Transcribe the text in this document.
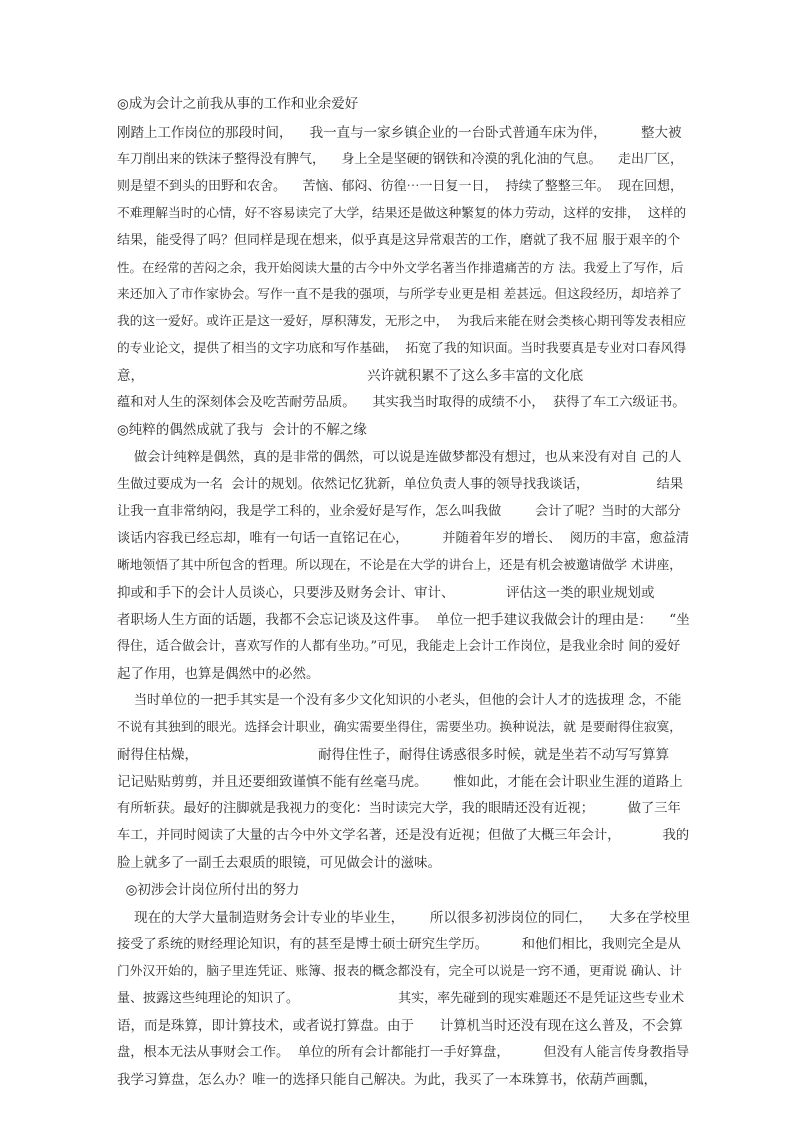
◎成为会计之前我从事的工作和业余爱好
刚踏上工作岗位的那段时间，    我一直与一家乡镇企业的一台卧式普通车床为伴，        整大被
车刀削出来的铁沫子整得没有脾气，    身上全是坚硬的钢铁和冷漠的乳化油的气息。    走出厂区，
则是望不到头的田野和农舍。    苦恼、郁闷、彷徨⋯一日复一日，  持续了整整三年。  现在回想，
不难理解当时的心情，好不容易读完了大学，结果还是做这种繁复的体力劳动，这样的安排，  这样的
结果，能受得了吗？但同样是现在想来，似乎真是这异常艰苦的工作，磨就了我不屈 服于艰辛的个
性。在经常的苦闷之余，我开始阅读大量的古今中外文学名著当作排遣痛苦的方 法。我爱上了写作，后
来还加入了市作家协会。写作一直不是我的强项，与所学专业更是相 差甚远。但这段经历，却培养了
我的这一爱好。或许正是这一爱好，厚积薄发，无形之中，  为我后来能在财会类核心期刊等发表相应
的专业论文，提供了相当的文字功底和写作基础，  拓宽了我的知识面。当时我要真是专业对口春风得
意，                                                    兴许就积累不了这么多丰富的文化底
蕴和对人生的深刻体会及吃苦耐劳品质。    其实我当时取得的成绩不小，  获得了车工六级证书。
◎纯粹的偶然成就了我与  会计的不解之缘
做会计纯粹是偶然，真的是非常的偶然，可以说是连做梦都没有想过，也从来没有对自 己的人
生做过要成为一名  会计的规划。依然记忆犹新，单位负责人事的领导找我谈话，                结果
让我一直非常纳闷，我是学工科的，业余爱好是写作，怎么叫我做        会计了呢？当时的大部分
谈话内容我已经忘却，唯有一句话一直铭记在心，        并随着年岁的增长、  阅历的丰富，愈益清
晰地领悟了其中所包含的哲理。所以现在，不论是在大学的讲台上，还是有机会被邀请做学 术讲座，
抑或和手下的会计人员谈心，只要涉及财务会计、审计、            评估这一类的职业规划或
者职场人生方面的话题，我都不会忘记谈及这件事。  单位一把手建议我做会计的理由是：    “坐
得住，适合做会计，喜欢写作的人都有坐功。”可见，我能走上会计工作岗位，是我业余时 间的爱好
起了作用，也算是偶然中的必然。
当时单位的一把手其实是一个没有多少文化知识的小老头，但他的会计人才的选拔理 念，不能
不说有其独到的眼光。选择会计职业，确实需要坐得住，需要坐功。换种说法，就 是要耐得住寂寞，
耐得住枯燥，                            耐得住性子，耐得住诱惑很多时候，就是坐若不动写写算算
记记贴贴剪剪，并且还要细致谨慎不能有丝毫马虎。      惟如此，才能在会计职业生涯的道路上
有所斩获。最好的注脚就是我视力的变化：当时读完大学，我的眼睛还没有近视；        做了三年
车工，并同时阅读了大量的古今中外文学名著，还是没有近视；但做了大概三年会计，          我的
脸上就多了一副壬去艰质的眼镜，可见做会计的滋味。
◎初涉会计岗位所付出的努力
现在的大学大量制造财务会计专业的毕业生，      所以很多初涉岗位的同仁，    大多在学校里
接受了系统的财经理论知识，有的甚至是博士硕士研究生学历。        和他们相比，我则完全是从
门外汉开始的，脑子里连凭证、账簿、报表的概念都没有，完全可以说是一窍不通，更甭说 确认、计
量、披露这些纯理论的知识了。                        其实，率先碰到的现实难题还不是凭证这些专业术
语，而是珠算，即计算技术，或者说打算盘。由于      计算机当时还没有现在这么普及，不会算
盘，根本无法从事财会工作。  单位的所有会计都能打一手好算盘，        但没有人能言传身教指导
我学习算盘，怎么办？唯一的选择只能自己解决。为此，我买了一本珠算书，依葫芦画瓢，
